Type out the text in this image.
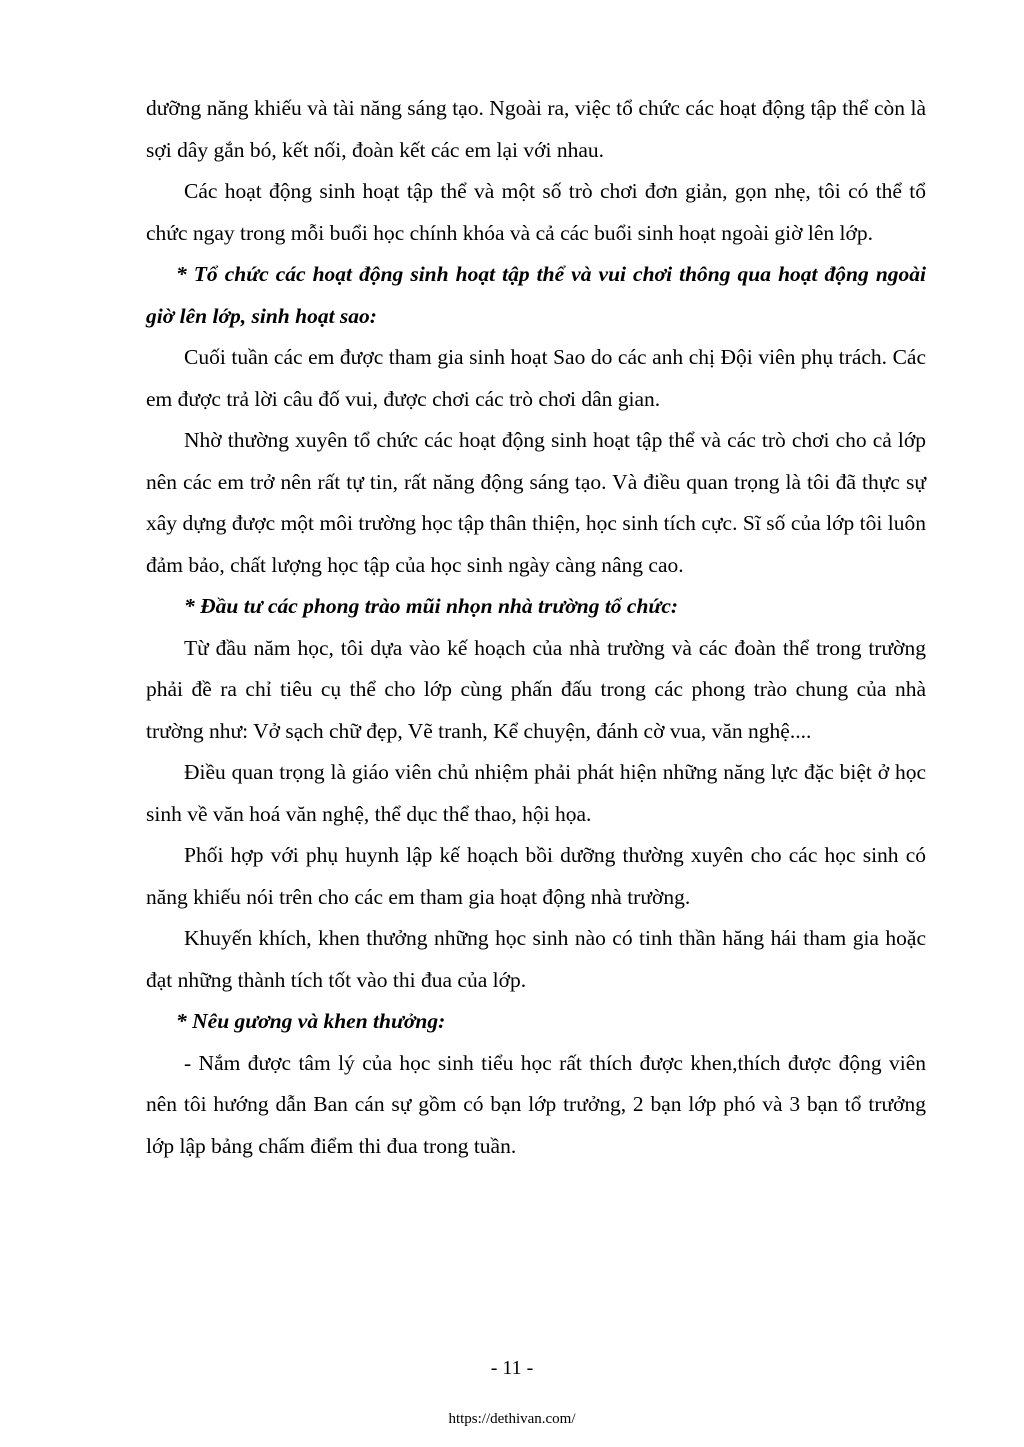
dưỡng năng khiếu và tài năng sáng tạo. Ngoài ra, việc tổ chức các hoạt động tập thể còn là sợi dây gắn bó, kết nối, đoàn kết các em lại với nhau.

Các hoạt động sinh hoạt tập thể và một số trò chơi đơn giản, gọn nhẹ, tôi có thể tổ chức ngay trong mỗi buổi học chính khóa và cả các buổi sinh hoạt ngoài giờ lên lớp.

* Tổ chức các hoạt động sinh hoạt tập thể và vui chơi thông qua hoạt động ngoài giờ lên lớp, sinh hoạt sao:

Cuối tuần các em được tham gia sinh hoạt Sao do các anh chị Đội viên phụ trách. Các em được trả lời câu đố vui, được chơi các trò chơi dân gian.

Nhờ thường xuyên tổ chức các hoạt động sinh hoạt tập thể và các trò chơi cho cả lớp nên các em trở nên rất tự tin, rất năng động sáng tạo. Và điều quan trọng là tôi đã thực sự xây dựng được một môi trường học tập thân thiện, học sinh tích cực. Sĩ số của lớp tôi luôn đảm bảo, chất lượng học tập của học sinh ngày càng nâng cao.

* Đầu tư các phong trào mũi nhọn nhà trường tổ chức:

Từ đầu năm học, tôi dựa vào kế hoạch của nhà trường và các đoàn thể trong trường phải đề ra chỉ tiêu cụ thể cho lớp cùng phấn đấu trong các phong trào chung của nhà trường như: Vở sạch chữ đẹp, Vẽ tranh, Kể chuyện, đánh cờ vua, văn nghệ....

Điều quan trọng là giáo viên chủ nhiệm phải phát hiện những năng lực đặc biệt ở học sinh về văn hoá văn nghệ, thể dục thể thao, hội họa.

Phối hợp với phụ huynh lập kế hoạch bồi dưỡng thường xuyên cho các học sinh có năng khiếu nói trên cho các em tham gia hoạt động nhà trường.

Khuyến khích, khen thưởng những học sinh nào có tinh thần hăng hái tham gia hoặc đạt những thành tích tốt vào thi đua của lớp.

* Nêu gương và khen thưởng:

- Nắm được tâm lý của học sinh tiểu học rất thích được khen,thích được động viên nên tôi hướng dẫn Ban cán sự gồm có bạn lớp trưởng, 2 bạn lớp phó và 3 bạn tổ trưởng lớp lập bảng chấm điểm thi đua trong tuần.

- 11 -
https://dethivan.com/
